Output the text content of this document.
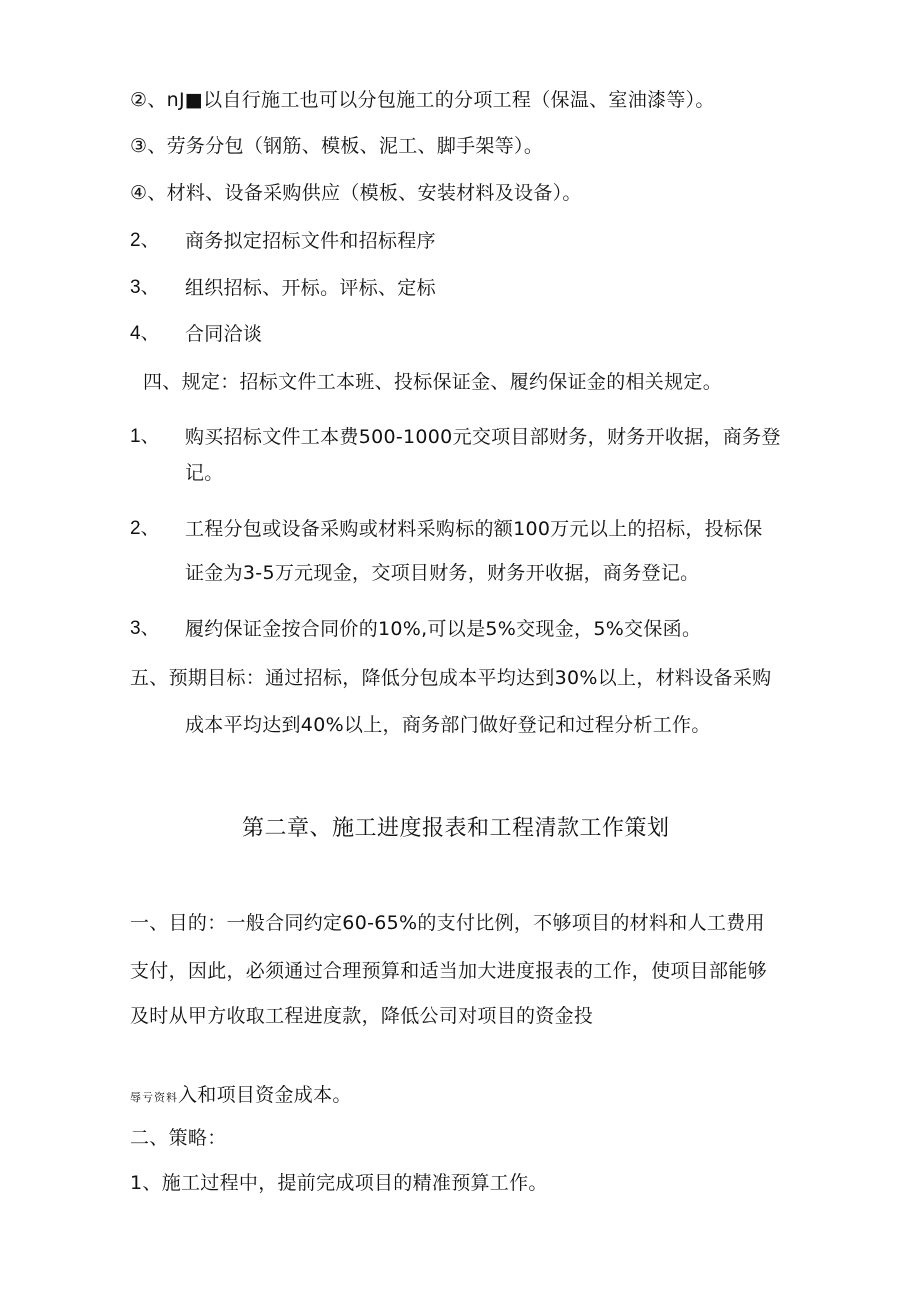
②、nJ■以自行施工也可以分包施工的分项工程（保温、室油漆等）。
③、劳务分包（钢筋、模板、泥工、脚手架等）。
④、材料、设备采购供应（模板、安装材料及设备）。
2、 商务拟定招标文件和招标程序
3、 组织招标、开标。评标、定标
4、 合同洽谈
四、规定：招标文件工本班、投标保证金、履约保证金的相关规定。
1、 购买招标文件工本费500-1000元交项目部财务，财务开收据，商务登
记。
2、 工程分包或设备采购或材料采购标的额100万元以上的招标，投标保
证金为3-5万元现金，交项目财务，财务开收据，商务登记。
3、 履约保证金按合同价的10%,可以是5%交现金，5%交保函。
五、预期目标：通过招标，降低分包成本平均达到30%以上，材料设备采购
成本平均达到40%以上，商务部门做好登记和过程分析工作。
第二章、施工进度报表和工程清款工作策划
一、目的：一般合同约定60-65%的支付比例，不够项目的材料和人工费用
支付，因此，必须通过合理预算和适当加大进度报表的工作，使项目部能够
及时从甲方收取工程进度款，降低公司对项目的资金投
辱亏资料入和项目资金成本。
二、策略：
1、施工过程中，提前完成项目的精准预算工作。
